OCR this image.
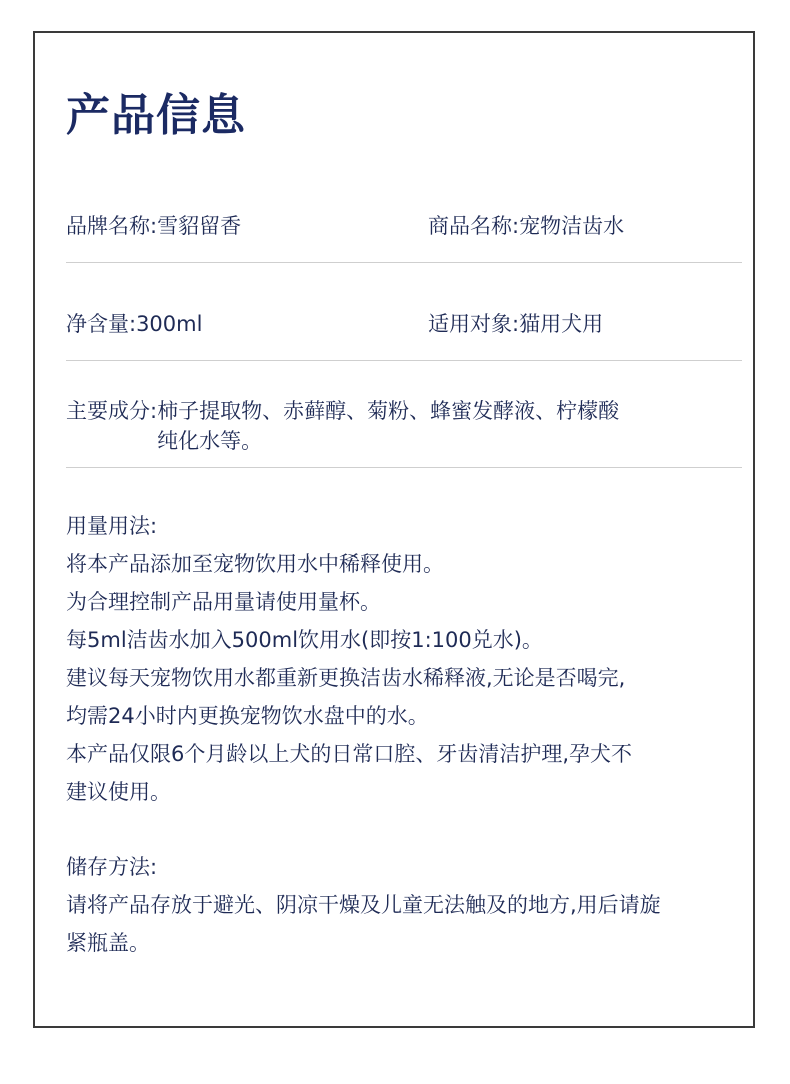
产品信息
品牌名称:雪貂留香	商品名称:宠物洁齿水
净含量:300ml	适用对象:猫用犬用
主要成分: 柿子提取物、赤藓醇、菊粉、蜂蜜发酵液、柠檬酸
纯化水等。
用量用法:
将本产品添加至宠物饮用水中稀释使用。
为合理控制产品用量请使用量杯。
每5ml洁齿水加入500ml饮用水(即按1:100兑水)。
建议每天宠物饮用水都重新更换洁齿水稀释液,无论是否喝完,
均需24小时内更换宠物饮水盘中的水。
本产品仅限6个月龄以上犬的日常口腔、牙齿清洁护理,孕犬不
建议使用。
储存方法:
请将产品存放于避光、阴凉干燥及儿童无法触及的地方,用后请旋
紧瓶盖。
